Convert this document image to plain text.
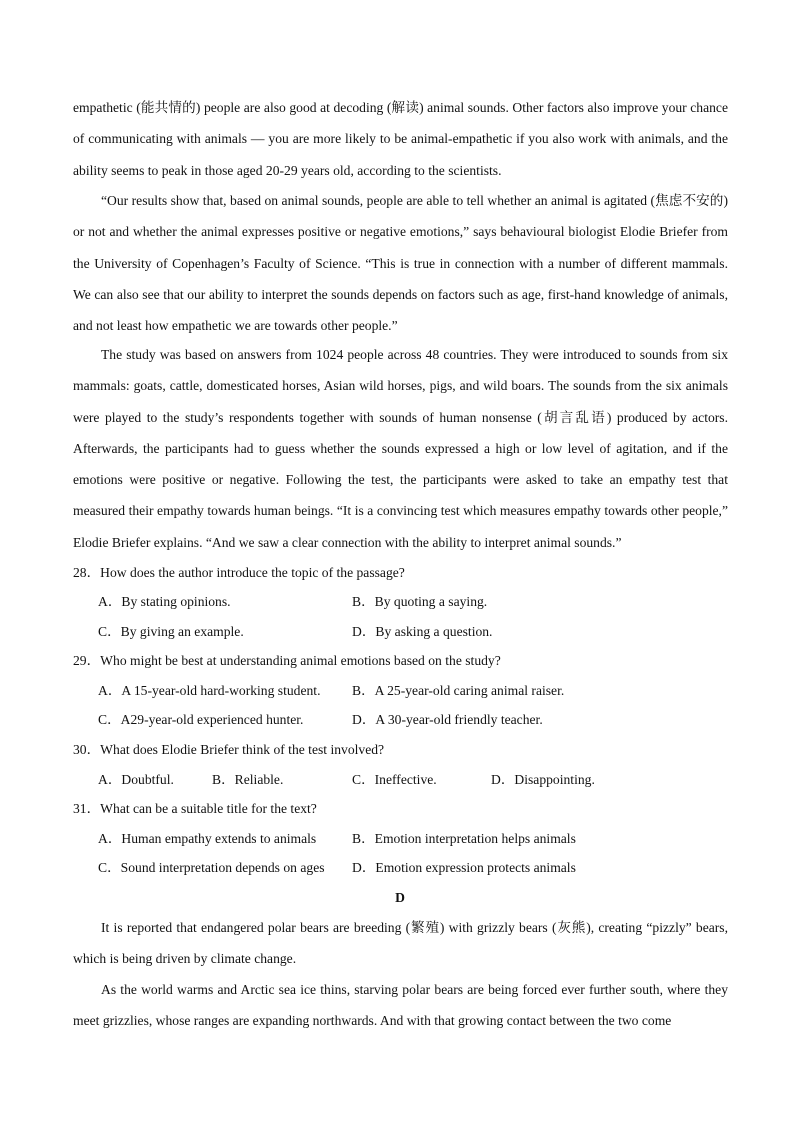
empathetic (能共情的) people are also good at decoding (解读) animal sounds. Other factors also improve your chance of communicating with animals — you are more likely to be animal-empathetic if you also work with animals, and the ability seems to peak in those aged 20-29 years old, according to the scientists.

“Our results show that, based on animal sounds, people are able to tell whether an animal is agitated (焦虑不安的) or not and whether the animal expresses positive or negative emotions,” says behavioural biologist Elodie Briefer from the University of Copenhagen’s Faculty of Science. “This is true in connection with a number of different mammals. We can also see that our ability to interpret the sounds depends on factors such as age, first-hand knowledge of animals, and not least how empathetic we are towards other people.”

The study was based on answers from 1024 people across 48 countries. They were introduced to sounds from six mammals: goats, cattle, domesticated horses, Asian wild horses, pigs, and wild boars. The sounds from the six animals were played to the study’s respondents together with sounds of human nonsense (胡言乱语) produced by actors. Afterwards, the participants had to guess whether the sounds expressed a high or low level of agitation, and if the emotions were positive or negative. Following the test, the participants were asked to take an empathy test that measured their empathy towards human beings. “It is a convincing test which measures empathy towards other people,” Elodie Briefer explains. “And we saw a clear connection with the ability to interpret animal sounds.”

28．How does the author introduce the topic of the passage?

A．By stating opinions.	B．By quoting a saying.

C．By giving an example.	D．By asking a question.

29．Who might be best at understanding animal emotions based on the study?

A．A 15-year-old hard-working student. B．A 25-year-old caring animal raiser.

C．A29-year-old experienced hunter.	D．A 30-year-old friendly teacher.

30．What does Elodie Briefer think of the test involved?

A．Doubtful.	B．Reliable.	C．Ineffective.	D．Disappointing.

31．What can be a suitable title for the text?

A．Human empathy extends to animals	B．Emotion interpretation helps animals

C．Sound interpretation depends on ages D．Emotion expression protects animals

D

It is reported that endangered polar bears are breeding (繁殖) with grizzly bears (灰熊), creating “pizzly” bears, which is being driven by climate change.

As the world warms and Arctic sea ice thins, starving polar bears are being forced ever further south, where they meet grizzlies, whose ranges are expanding northwards. And with that growing contact between the two come
